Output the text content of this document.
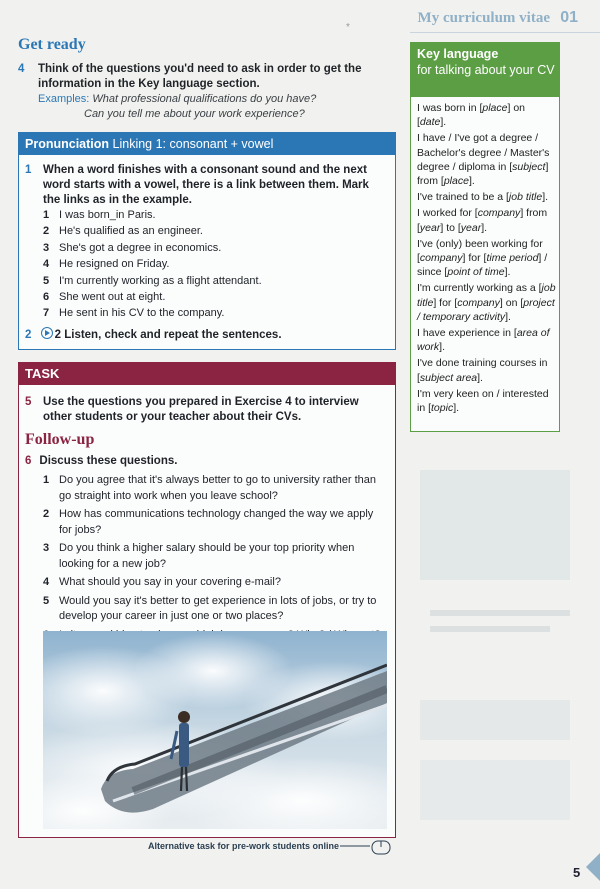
*
My curriculum vitae 01
Get ready
4 Think of the questions you'd need to ask in order to get the information in the Key language section.
Examples: What professional qualifications do you have?
Can you tell me about your work experience?
Pronunciation Linking 1: consonant + vowel
1 When a word finishes with a consonant sound and the next word starts with a vowel, there is a link between them. Mark the links as in the example.
1 I was born_in Paris.
2 He's qualified as an engineer.
3 She's got a degree in economics.
4 He resigned on Friday.
5 I'm currently working as a flight attendant.
6 She went out at eight.
7 He sent in his CV to the company.
2 2 Listen, check and repeat the sentences.
TASK
5 Use the questions you prepared in Exercise 4 to interview other students or your teacher about their CVs.
Follow-up
6 Discuss these questions.
1 Do you agree that it's always better to go to university rather than go straight into work when you leave school?
2 How has communications technology changed the way we apply for jobs?
3 Do you think a higher salary should be your top priority when looking for a new job?
4 What should you say in your covering e-mail?
5 Would you say it's better to get experience in lots of jobs, or try to develop your career in just one or two places?
Alternative task for pre-work students online
Key language
for talking about your CV
I was born in [place] on [date].
I have / I've got a degree / Bachelor's degree / Master's degree / diploma in [subject] from [place].
I've trained to be a [job title].
I worked for [company] from [year] to [year].
I've (only) been working for [company] for [time period] / since [point of time].
I'm currently working as a [job title] for [company] on [project / temporary activity].
I have experience in [area of work].
I've done training courses in [subject area].
I'm very keen on / interested in [topic].
5
